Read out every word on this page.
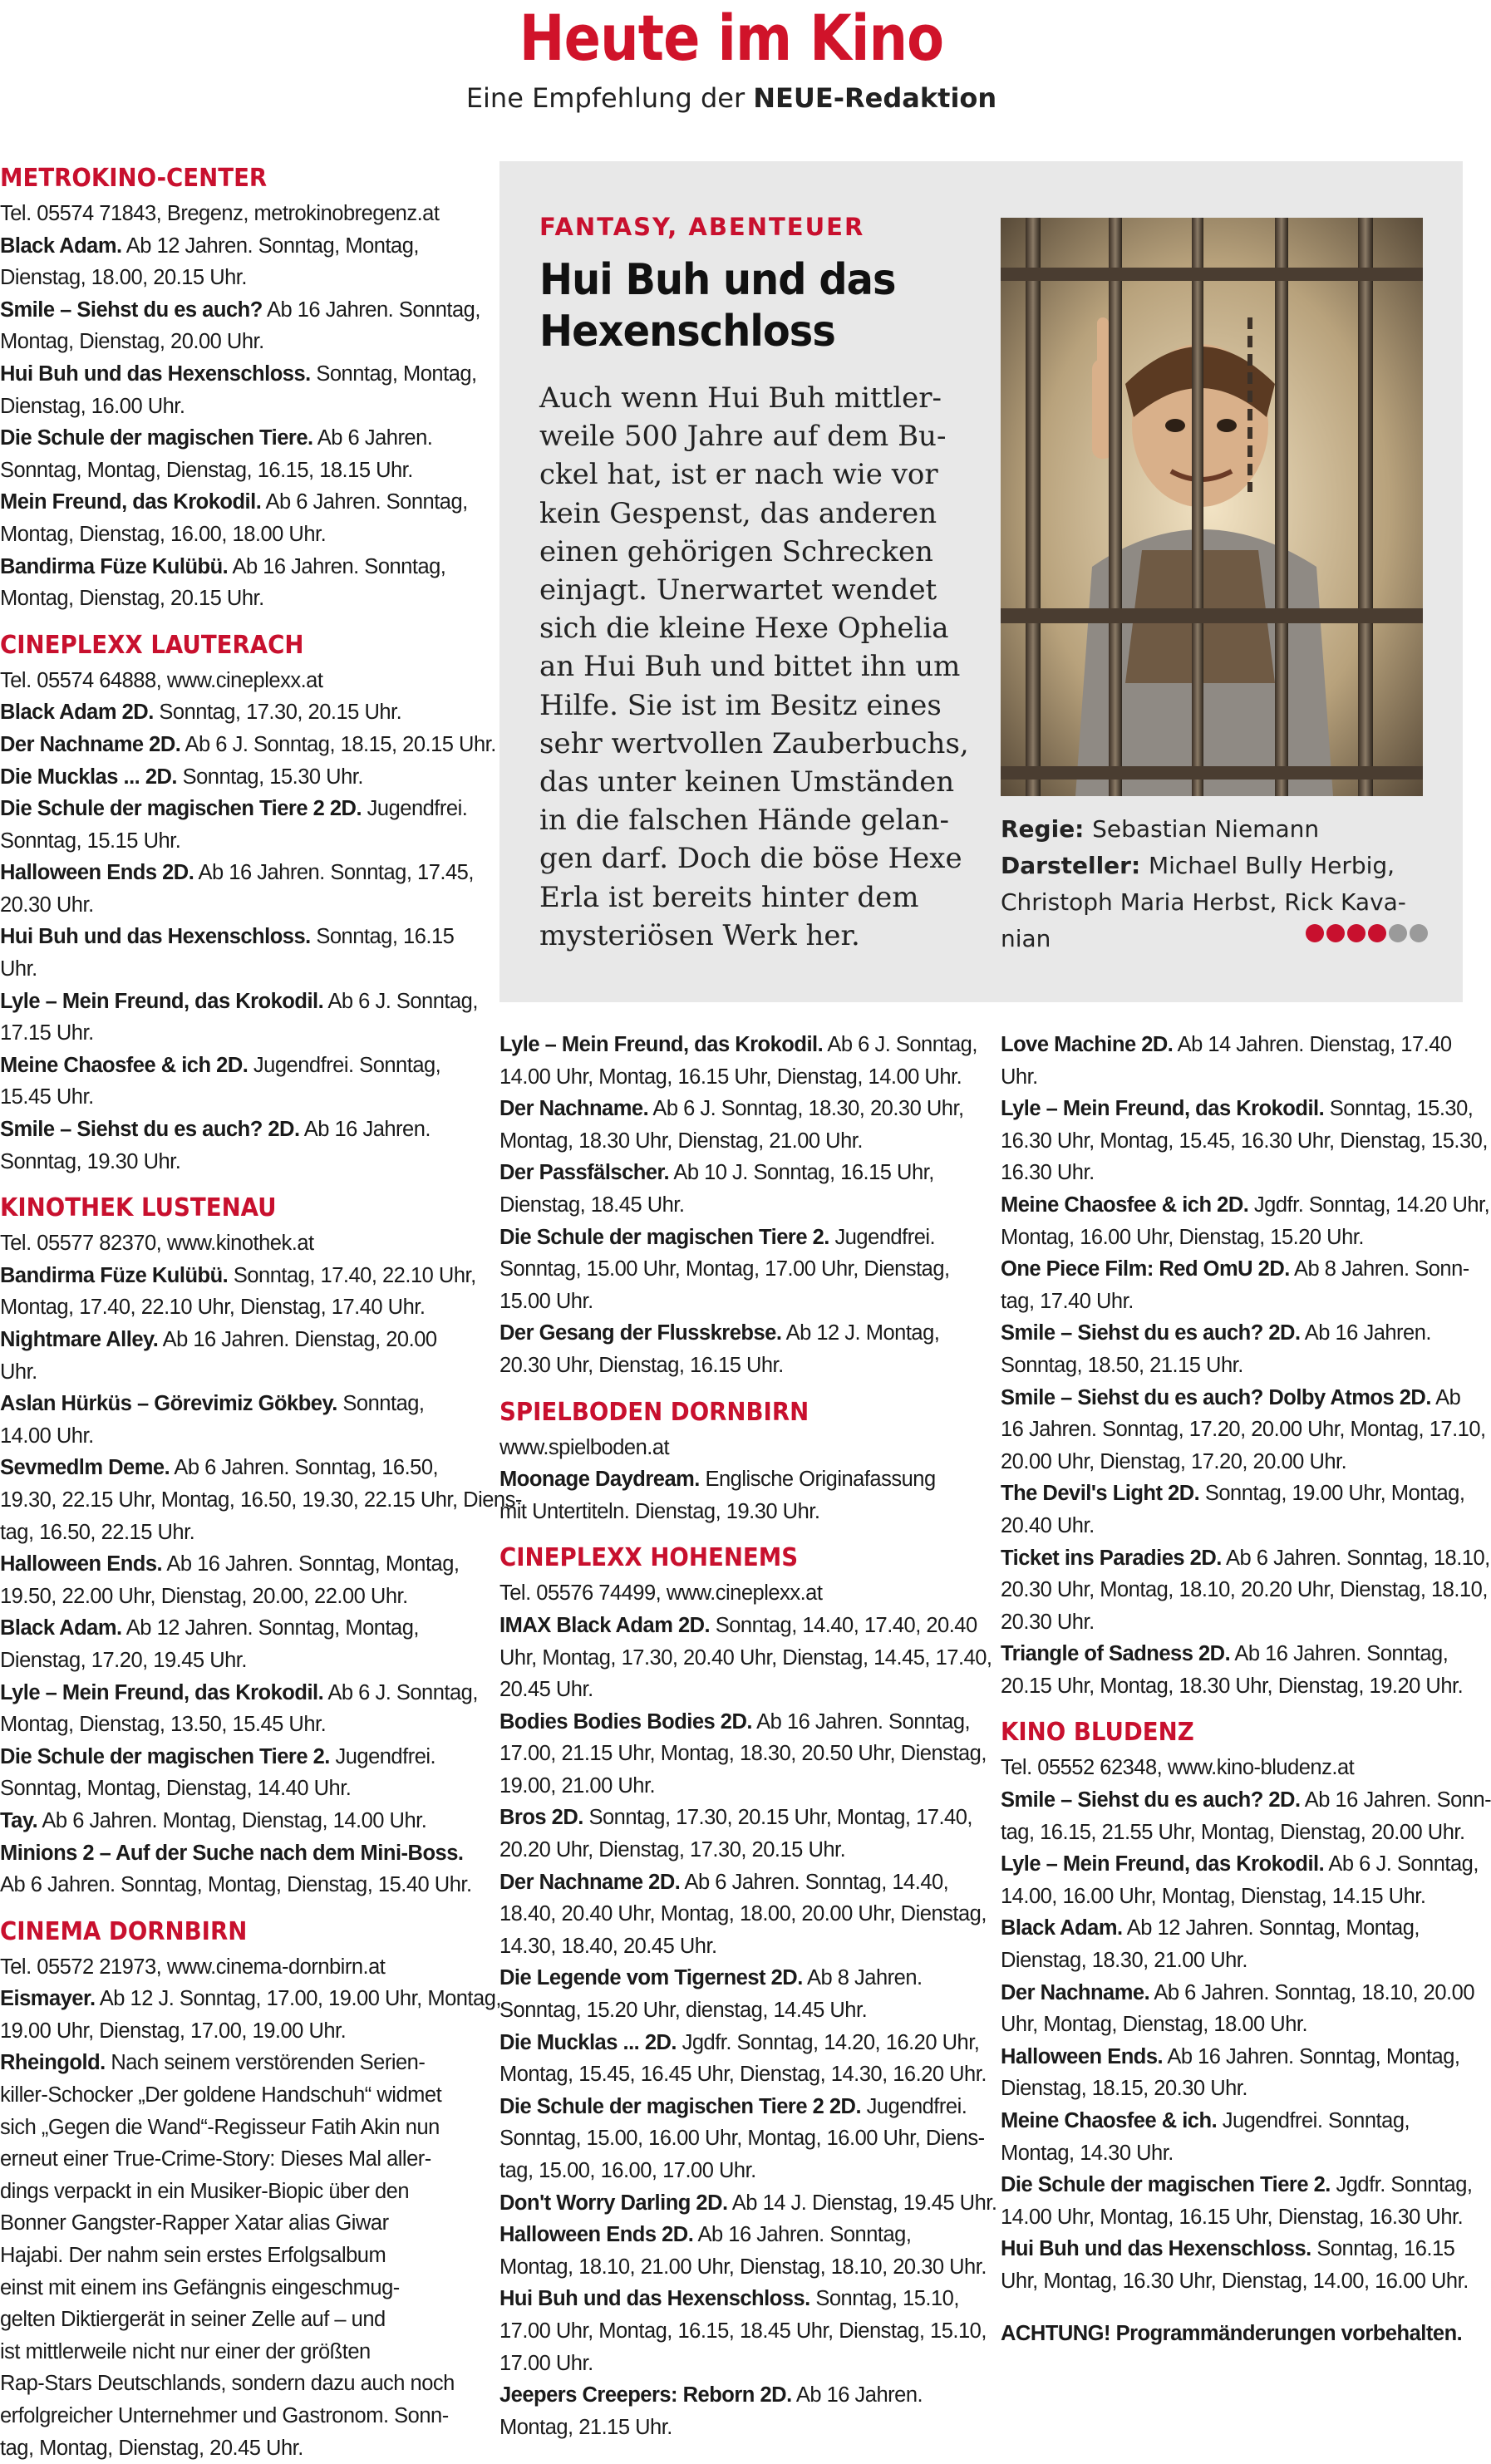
Heute im Kino
Eine Empfehlung der NEUE-Redaktion
METROKINO-CENTER
Tel. 05574 71843, Bregenz, metrokinobregenz.at
Black Adam. Ab 12 Jahren. Sonntag, Montag,
Dienstag, 18.00, 20.15 Uhr.
Smile – Siehst du es auch? Ab 16 Jahren. Sonntag,
Montag, Dienstag, 20.00 Uhr.
Hui Buh und das Hexenschloss. Sonntag, Montag,
Dienstag, 16.00 Uhr.
Die Schule der magischen Tiere. Ab 6 Jahren.
Sonntag, Montag, Dienstag, 16.15, 18.15 Uhr.
Mein Freund, das Krokodil. Ab 6 Jahren. Sonntag,
Montag, Dienstag, 16.00, 18.00 Uhr.
Bandirma Füze Kulübü. Ab 16 Jahren. Sonntag,
Montag, Dienstag, 20.15 Uhr.
CINEPLEXX LAUTERACH
Tel. 05574 64888, www.cineplexx.at
Black Adam 2D. Sonntag, 17.30, 20.15 Uhr.
Der Nachname 2D. Ab 6 J. Sonntag, 18.15, 20.15 Uhr.
Die Mucklas ... 2D. Sonntag, 15.30 Uhr.
Die Schule der magischen Tiere 2 2D. Jugendfrei.
Sonntag, 15.15 Uhr.
Halloween Ends 2D. Ab 16 Jahren. Sonntag, 17.45,
20.30 Uhr.
Hui Buh und das Hexenschloss. Sonntag, 16.15
Uhr.
Lyle – Mein Freund, das Krokodil. Ab 6 J. Sonntag,
17.15 Uhr.
Meine Chaosfee & ich 2D. Jugendfrei. Sonntag,
15.45 Uhr.
Smile – Siehst du es auch? 2D. Ab 16 Jahren.
Sonntag, 19.30 Uhr.
KINOTHEK LUSTENAU
Tel. 05577 82370, www.kinothek.at
Bandirma Füze Kulübü. Sonntag, 17.40, 22.10 Uhr,
Montag, 17.40, 22.10 Uhr, Dienstag, 17.40 Uhr.
Nightmare Alley. Ab 16 Jahren. Dienstag, 20.00
Uhr.
Aslan Hürküs – Görevimiz Gökbey. Sonntag,
14.00 Uhr.
Sevmedlm Deme. Ab 6 Jahren. Sonntag, 16.50,
19.30, 22.15 Uhr, Montag, 16.50, 19.30, 22.15 Uhr, Diens-
tag, 16.50, 22.15 Uhr.
Halloween Ends. Ab 16 Jahren. Sonntag, Montag,
19.50, 22.00 Uhr, Dienstag, 20.00, 22.00 Uhr.
Black Adam. Ab 12 Jahren. Sonntag, Montag,
Dienstag, 17.20, 19.45 Uhr.
Lyle – Mein Freund, das Krokodil. Ab 6 J. Sonntag,
Montag, Dienstag, 13.50, 15.45 Uhr.
Die Schule der magischen Tiere 2. Jugendfrei.
Sonntag, Montag, Dienstag, 14.40 Uhr.
Tay. Ab 6 Jahren. Montag, Dienstag, 14.00 Uhr.
Minions 2 – Auf der Suche nach dem Mini-Boss.
Ab 6 Jahren. Sonntag, Montag, Dienstag, 15.40 Uhr.
CINEMA DORNBIRN
Tel. 05572 21973, www.cinema-dornbirn.at
Eismayer. Ab 12 J. Sonntag, 17.00, 19.00 Uhr, Montag,
19.00 Uhr, Dienstag, 17.00, 19.00 Uhr.
Rheingold. Nach seinem verstörenden Serien-
killer-Schocker „Der goldene Handschuh“ widmet
sich „Gegen die Wand“-Regisseur Fatih Akin nun
erneut einer True-Crime-Story: Dieses Mal aller-
dings verpackt in ein Musiker-Biopic über den
Bonner Gangster-Rapper Xatar alias Giwar
Hajabi. Der nahm sein erstes Erfolgsalbum
einst mit einem ins Gefängnis eingeschmug-
gelten Diktiergerät in seiner Zelle auf – und
ist mittlerweile nicht nur einer der größten
Rap-Stars Deutschlands, sondern dazu auch noch
erfolgreicher Unternehmer und Gastronom. Sonn-
tag, Montag, Dienstag, 20.45 Uhr.
FANTASY, ABENTEUER
Hui Buh und das
Hexenschloss
Auch wenn Hui Buh mittler-
weile 500 Jahre auf dem Bu-
ckel hat, ist er nach wie vor
kein Gespenst, das anderen
einen gehörigen Schrecken
einjagt. Unerwartet wendet
sich die kleine Hexe Ophelia
an Hui Buh und bittet ihn um
Hilfe. Sie ist im Besitz eines
sehr wertvollen Zauberbuchs,
das unter keinen Umständen
in die falschen Hände gelan-
gen darf. Doch die böse Hexe
Erla ist bereits hinter dem
mysteriösen Werk her.
Regie: Sebastian Niemann
Darsteller: Michael Bully Herbig,
Christoph Maria Herbst, Rick Kava-
nian
Lyle – Mein Freund, das Krokodil. Ab 6 J. Sonntag,
14.00 Uhr, Montag, 16.15 Uhr, Dienstag, 14.00 Uhr.
Der Nachname. Ab 6 J. Sonntag, 18.30, 20.30 Uhr,
Montag, 18.30 Uhr, Dienstag, 21.00 Uhr.
Der Passfälscher. Ab 10 J. Sonntag, 16.15 Uhr,
Dienstag, 18.45 Uhr.
Die Schule der magischen Tiere 2. Jugendfrei.
Sonntag, 15.00 Uhr, Montag, 17.00 Uhr, Dienstag,
15.00 Uhr.
Der Gesang der Flusskrebse. Ab 12 J. Montag,
20.30 Uhr, Dienstag, 16.15 Uhr.
SPIELBODEN DORNBIRN
www.spielboden.at
Moonage Daydream. Englische Originafassung
mit Untertiteln. Dienstag, 19.30 Uhr.
CINEPLEXX HOHENEMS
Tel. 05576 74499, www.cineplexx.at
IMAX Black Adam 2D. Sonntag, 14.40, 17.40, 20.40
Uhr, Montag, 17.30, 20.40 Uhr, Dienstag, 14.45, 17.40,
20.45 Uhr.
Bodies Bodies Bodies 2D. Ab 16 Jahren. Sonntag,
17.00, 21.15 Uhr, Montag, 18.30, 20.50 Uhr, Dienstag,
19.00, 21.00 Uhr.
Bros 2D. Sonntag, 17.30, 20.15 Uhr, Montag, 17.40,
20.20 Uhr, Dienstag, 17.30, 20.15 Uhr.
Der Nachname 2D. Ab 6 Jahren. Sonntag, 14.40,
18.40, 20.40 Uhr, Montag, 18.00, 20.00 Uhr, Dienstag,
14.30, 18.40, 20.45 Uhr.
Die Legende vom Tigernest 2D. Ab 8 Jahren.
Sonntag, 15.20 Uhr, dienstag, 14.45 Uhr.
Die Mucklas ... 2D. Jgdfr. Sonntag, 14.20, 16.20 Uhr,
Montag, 15.45, 16.45 Uhr, Dienstag, 14.30, 16.20 Uhr.
Die Schule der magischen Tiere 2 2D. Jugendfrei.
Sonntag, 15.00, 16.00 Uhr, Montag, 16.00 Uhr, Diens-
tag, 15.00, 16.00, 17.00 Uhr.
Don't Worry Darling 2D. Ab 14 J. Dienstag, 19.45 Uhr.
Halloween Ends 2D. Ab 16 Jahren. Sonntag,
Montag, 18.10, 21.00 Uhr, Dienstag, 18.10, 20.30 Uhr.
Hui Buh und das Hexenschloss. Sonntag, 15.10,
17.00 Uhr, Montag, 16.15, 18.45 Uhr, Dienstag, 15.10,
17.00 Uhr.
Jeepers Creepers: Reborn 2D. Ab 16 Jahren.
Montag, 21.15 Uhr.
Love Machine 2D. Ab 14 Jahren. Dienstag, 17.40
Uhr.
Lyle – Mein Freund, das Krokodil. Sonntag, 15.30,
16.30 Uhr, Montag, 15.45, 16.30 Uhr, Dienstag, 15.30,
16.30 Uhr.
Meine Chaosfee & ich 2D. Jgdfr. Sonntag, 14.20 Uhr,
Montag, 16.00 Uhr, Dienstag, 15.20 Uhr.
One Piece Film: Red OmU 2D. Ab 8 Jahren. Sonn-
tag, 17.40 Uhr.
Smile – Siehst du es auch? 2D. Ab 16 Jahren.
Sonntag, 18.50, 21.15 Uhr.
Smile – Siehst du es auch? Dolby Atmos 2D. Ab
16 Jahren. Sonntag, 17.20, 20.00 Uhr, Montag, 17.10,
20.00 Uhr, Dienstag, 17.20, 20.00 Uhr.
The Devil's Light 2D. Sonntag, 19.00 Uhr, Montag,
20.40 Uhr.
Ticket ins Paradies 2D. Ab 6 Jahren. Sonntag, 18.10,
20.30 Uhr, Montag, 18.10, 20.20 Uhr, Dienstag, 18.10,
20.30 Uhr.
Triangle of Sadness 2D. Ab 16 Jahren. Sonntag,
20.15 Uhr, Montag, 18.30 Uhr, Dienstag, 19.20 Uhr.
KINO BLUDENZ
Tel. 05552 62348, www.kino-bludenz.at
Smile – Siehst du es auch? 2D. Ab 16 Jahren. Sonn-
tag, 16.15, 21.55 Uhr, Montag, Dienstag, 20.00 Uhr.
Lyle – Mein Freund, das Krokodil. Ab 6 J. Sonntag,
14.00, 16.00 Uhr, Montag, Dienstag, 14.15 Uhr.
Black Adam. Ab 12 Jahren. Sonntag, Montag,
Dienstag, 18.30, 21.00 Uhr.
Der Nachname. Ab 6 Jahren. Sonntag, 18.10, 20.00
Uhr, Montag, Dienstag, 18.00 Uhr.
Halloween Ends. Ab 16 Jahren. Sonntag, Montag,
Dienstag, 18.15, 20.30 Uhr.
Meine Chaosfee & ich. Jugendfrei. Sonntag,
Montag, 14.30 Uhr.
Die Schule der magischen Tiere 2. Jgdfr. Sonntag,
14.00 Uhr, Montag, 16.15 Uhr, Dienstag, 16.30 Uhr.
Hui Buh und das Hexenschloss. Sonntag, 16.15
Uhr, Montag, 16.30 Uhr, Dienstag, 14.00, 16.00 Uhr.
ACHTUNG! Programmänderungen vorbehalten.
